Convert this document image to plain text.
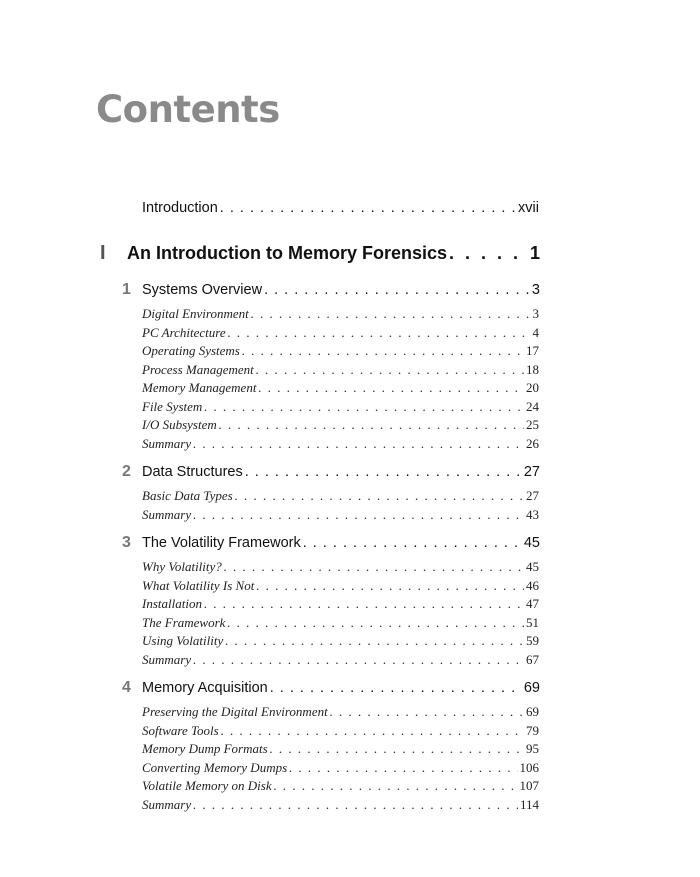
Contents
Introduction . . .	xvii
I	An Introduction to Memory Forensics . . .	1
1 Systems Overview . . .	3
Digital Environment . . .	3
PC Architecture . . .	4
Operating Systems . . .	17
Process Management . . .	18
Memory Management . . .	20
File System . . .	24
I/O Subsystem . . .	25
Summary . . .	26
2 Data Structures . . .	27
Basic Data Types . . .	27
Summary . . .	43
3 The Volatility Framework . . .	45
Why Volatility? . . .	45
What Volatility Is Not . . .	46
Installation . . .	47
The Framework . . .	51
Using Volatility . . .	59
Summary . . .	67
4 Memory Acquisition . . .	69
Preserving the Digital Environment . . .	69
Software Tools . . .	79
Memory Dump Formats . . .	95
Converting Memory Dumps . . .	106
Volatile Memory on Disk . . .	107
Summary . . .	114
